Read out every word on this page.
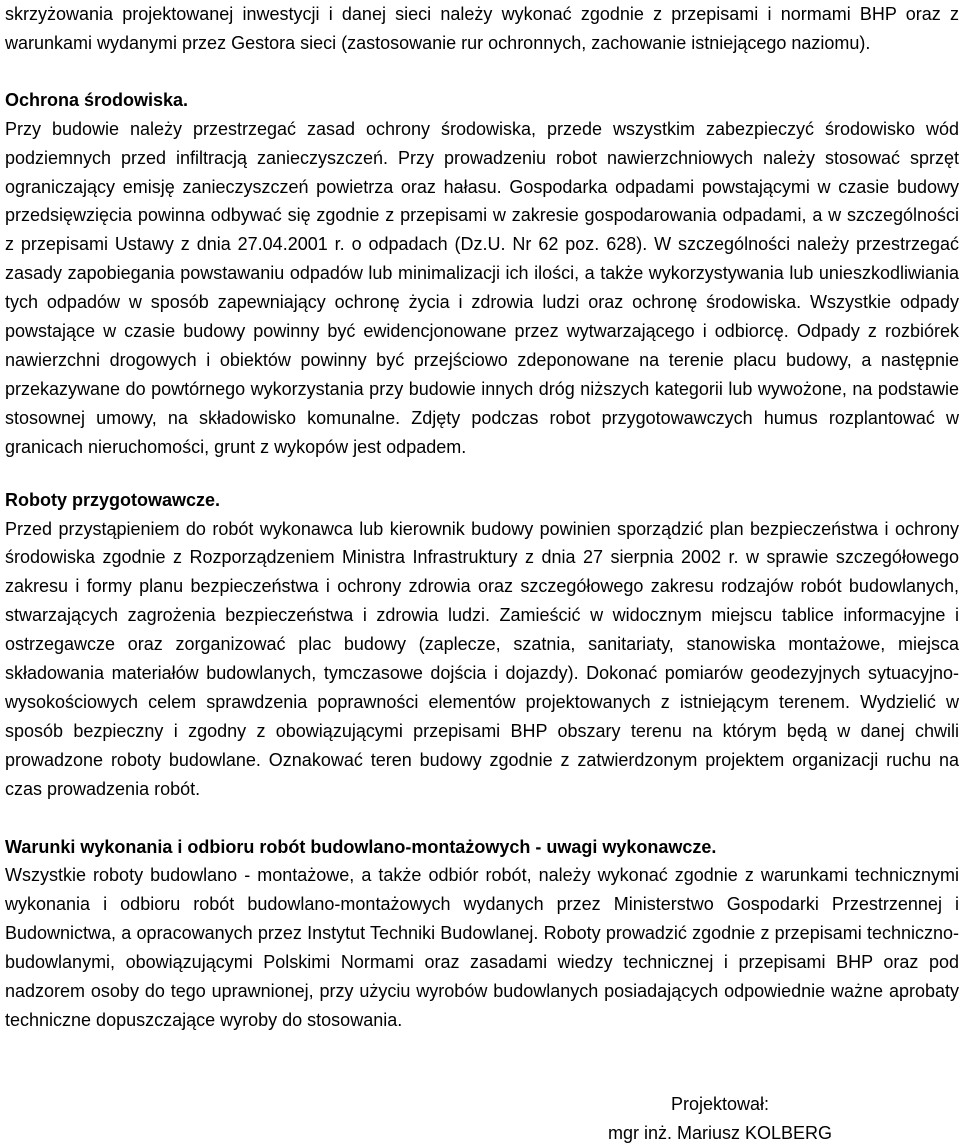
skrzyżowania projektowanej inwestycji i danej sieci należy wykonać zgodnie z przepisami i normami BHP oraz z warunkami wydanymi przez Gestora sieci (zastosowanie rur ochronnych, zachowanie istniejącego naziomu).

Ochrona środowiska.

Przy budowie należy przestrzegać zasad ochrony środowiska, przede wszystkim zabezpieczyć środowisko wód podziemnych przed infiltracją zanieczyszczeń. Przy prowadzeniu robot nawierzchniowych należy stosować sprzęt ograniczający emisję zanieczyszczeń powietrza oraz hałasu. Gospodarka odpadami powstającymi w czasie budowy przedsięwzięcia powinna odbywać się zgodnie z przepisami w zakresie gospodarowania odpadami, a w szczególności z przepisami Ustawy z dnia 27.04.2001 r. o odpadach (Dz.U. Nr 62 poz. 628). W szczególności należy przestrzegać zasady zapobiegania powstawaniu odpadów lub minimalizacji ich ilości, a także wykorzystywania lub unieszkodliwiania tych odpadów w sposób zapewniający ochronę życia i zdrowia ludzi oraz ochronę środowiska. Wszystkie odpady powstające w czasie budowy powinny być ewidencjonowane przez wytwarzającego i odbiorcę. Odpady z rozbiórek nawierzchni drogowych i obiektów powinny być przejściowo zdeponowane na terenie placu budowy, a następnie przekazywane do powtórnego wykorzystania przy budowie innych dróg niższych kategorii lub wywożone, na podstawie stosownej umowy, na składowisko komunalne. Zdjęty podczas robot przygotowawczych humus rozplantować w granicach nieruchomości, grunt z wykopów jest odpadem.

Roboty przygotowawcze.

Przed przystąpieniem do robót wykonawca lub kierownik budowy powinien sporządzić plan bezpieczeństwa i ochrony środowiska zgodnie z Rozporządzeniem Ministra Infrastruktury z dnia 27 sierpnia 2002 r. w sprawie szczegółowego zakresu i formy planu bezpieczeństwa i ochrony zdrowia oraz szczegółowego zakresu rodzajów robót budowlanych, stwarzających zagrożenia bezpieczeństwa i zdrowia ludzi. Zamieścić w widocznym miejscu tablice informacyjne i ostrzegawcze oraz zorganizować plac budowy (zaplecze, szatnia, sanitariaty, stanowiska montażowe, miejsca składowania materiałów budowlanych, tymczasowe dojścia i dojazdy). Dokonać pomiarów geodezyjnych sytuacyjno-wysokościowych celem sprawdzenia poprawności elementów projektowanych z istniejącym terenem. Wydzielić w sposób bezpieczny i zgodny z obowiązującymi przepisami BHP obszary terenu na którym będą w danej chwili prowadzone roboty budowlane. Oznakować teren budowy zgodnie z zatwierdzonym projektem organizacji ruchu na czas prowadzenia robót.

Warunki wykonania i odbioru robót budowlano-montażowych - uwagi wykonawcze.

Wszystkie roboty budowlano - montażowe, a także odbiór robót, należy wykonać zgodnie z warunkami technicznymi wykonania i odbioru robót budowlano-montażowych wydanych przez Ministerstwo Gospodarki Przestrzennej i Budownictwa, a opracowanych przez Instytut Techniki Budowlanej. Roboty prowadzić zgodnie z przepisami techniczno-budowlanymi, obowiązującymi Polskimi Normami oraz zasadami wiedzy technicznej i przepisami BHP oraz pod nadzorem osoby do tego uprawnionej, przy użyciu wyrobów budowlanych posiadających odpowiednie ważne aprobaty techniczne dopuszczające wyroby do stosowania.

Projektował:
mgr inż. Mariusz KOLBERG
